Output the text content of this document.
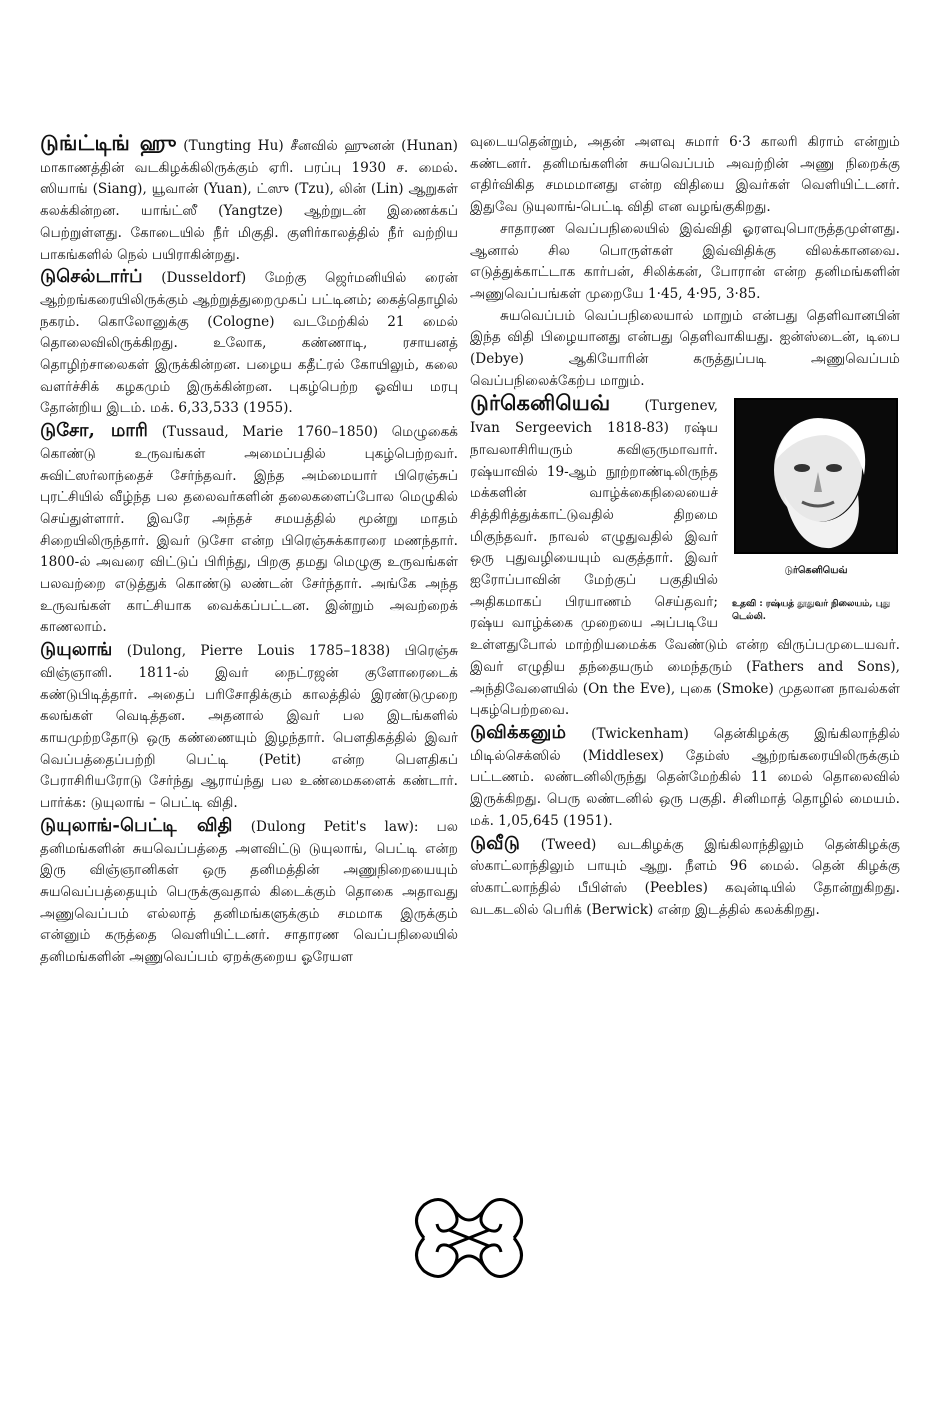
டுங்ட்டிங் ஹு (Tungting Hu) சீனவில் ஹுனன் (Hunan) மாகாணத்தின் வடகிழக்கிலிருக்கும் ஏரி. பரப்பு 1930 ச. மைல். ஸியாங் (Siang), யூவான் (Yuan), ட்ஸு (Tzu), லின் (Lin) ஆறுகள் கலக்கின்றன. யாங்ட்ஸீ (Yangtze) ஆற்றுடன் இணைக்கப் பெற்றுள்ளது. கோடையில் நீர் மிகுதி. குளிர்காலத்தில் நீர் வற்றிய பாகங்களில் நெல் பயிராகின்றது.

டுசெல்டார்ப் (Dusseldorf) மேற்கு ஜெர்மனியில் ரைன் ஆற்றங்கரையிலிருக்கும் ஆற்றுத்துறைமுகப் பட்டினம்; கைத்தொழில் நகரம். கொலோனுக்கு (Cologne) வடமேற்கில் 21 மைல் தொலைவிலிருக்கிறது. உலோக, கண்ணாடி, ரசாயனத் தொழிற்சாலைகள் இருக்கின்றன. பழைய கதீட்ரல் கோயிலும், கலை வளர்ச்சிக் கழகமும் இருக்கின்றன. புகழ்பெற்ற ஓவிய மரபு தோன்றிய இடம். மக். 6,33,533 (1955).

டுசோ, மாரி (Tussaud, Marie 1760–1850) மெழுகைக் கொண்டு உருவங்கள் அமைப்பதில் புகழ்பெற்றவர். சுவிட்ஸர்லாந்தைச் சேர்ந்தவர். இந்த அம்மையார் பிரெஞ்சுப் புரட்சியில் வீழ்ந்த பல தலைவர்களின் தலைகளைப்போல மெழுகில் செய்துள்ளார். இவரே அந்தச் சமயத்தில் மூன்று மாதம் சிறையிலிருந்தார். இவர் டுசோ என்ற பிரெஞ்சுக்காரரை மணந்தார். 1800-ல் அவரை விட்டுப் பிரிந்து, பிறகு தமது மெழுகு உருவங்கள் பலவற்றை எடுத்துக் கொண்டு லண்டன் சேர்ந்தார். அங்கே அந்த உருவங்கள் காட்சியாக வைக்கப்பட்டன. இன்றும் அவற்றைக் காணலாம்.

டுயுலாங் (Dulong, Pierre Louis 1785–1838) பிரெஞ்சு விஞ்ஞானி. 1811-ல் இவர் நைட்ரஜன் குளோரைடைக் கண்டுபிடித்தார். அதைப் பரிசோதிக்கும் காலத்தில் இரண்டுமுறை கலங்கள் வெடித்தன. அதனால் இவர் பல இடங்களில் காயமுற்றதோடு ஒரு கண்ணையும் இழந்தார். பௌதிகத்தில் இவர் வெப்பத்தைப்பற்றி பெட்டி (Petit) என்ற பௌதிகப் பேராசிரியரோடு சேர்ந்து ஆராய்ந்து பல உண்மைகளைக் கண்டார். பார்க்க: டுயுலாங் – பெட்டி விதி.

டுயுலாங்-பெட்டி விதி (Dulong Petit's law): பல தனிமங்களின் சுயவெப்பத்தை அளவிட்டு டுயுலாங், பெட்டி என்ற இரு விஞ்ஞானிகள் ஒரு தனிமத்தின் அணுநிறையையும் சுயவெப்பத்தையும் பெருக்குவதால் கிடைக்கும் தொகை அதாவது அணுவெப்பம் எல்லாத் தனிமங்களுக்கும் சமமாக இருக்கும் என்னும் கருத்தை வெளியிட்டனர். சாதாரண வெப்பநிலையில் தனிமங்களின் அணுவெப்பம் ஏறக்குறைய ஓரேயள

வுடையதென்றும், அதன் அளவு சுமார் 6·3 காலரி கிராம் என்றும் கண்டனர். தனிமங்களின் சுயவெப்பம் அவற்றின் அணு நிறைக்கு எதிர்விகித சமமமானது என்ற விதியை இவர்கள் வெளியிட்டனர். இதுவே டுயுலாங்-பெட்டி விதி என வழங்குகிறது.

சாதாரண வெப்பநிலையில் இவ்விதி ஓரளவுபொருத்தமுள்ளது. ஆனால் சில பொருள்கள் இவ்விதிக்கு விலக்கானவை. எடுத்துக்காட்டாக கார்பன், சிலிக்கன், போரான் என்ற தனிமங்களின் அணுவெப்பங்கள் முறையே 1·45, 4·95, 3·85.

சுயவெப்பம் வெப்பநிலையால் மாறும் என்பது தெளிவானபின் இந்த விதி பிழையானது என்பது தெளிவாகியது. ஐன்ஸ்டைன், டிபை (Debye) ஆகியோரின் கருத்துப்படி அணுவெப்பம் வெப்பநிலைக்கேற்ப மாறும்.

டுர்கெனியெவ்
உதவி : ரஷ்யத் தூதுவர் நிலையம், புது டெல்லி.
டுர்கெனியெவ்	(Turgenev, Ivan Sergeevich 1818-83) ரஷ்ய நாவலாசிரியரும் கவிஞருமாவார். ரஷ்யாவில் 19-ஆம் நூற்றாண்டிலிருந்த மக்களின் வாழ்க்கைநிலையைச் சித்திரித்துக்காட்டுவதில் திறமை மிகுந்தவர். நாவல் எழுதுவதில் இவர் ஒரு புதுவழியையும் வகுத்தார். இவர் ஐரோப்பாவின் மேற்குப் பகுதியில் அதிகமாகப் பிரயாணம் செய்தவர்; ரஷ்ய வாழ்க்கை முறையை அப்படியே உள்ளதுபோல் மாற்றியமைக்க வேண்டும் என்ற விருப்பமுடையவர். இவர் எழுதிய தந்தையரும் மைந்தரும் (Fathers and Sons), அந்திவேளையில் (On the Eve), புகை (Smoke) முதலான நாவல்கள் புகழ்பெற்றவை.

டுவிக்கனும் (Twickenham) தென்கிழக்கு இங்கிலாந்தில் மிடில்செக்ஸில் (Middlesex) தேம்ஸ் ஆற்றங்கரையிலிருக்கும் பட்டணம். லண்டனிலிருந்து தென்மேற்கில் 11 மைல் தொலைவில் இருக்கிறது. பெரு லண்டனில் ஒரு பகுதி. சினிமாத் தொழில் மையம். மக். 1,05,645 (1951).

டுவீடு (Tweed) வடகிழக்கு இங்கிலாந்திலும் தென்கிழக்கு ஸ்காட்லாந்திலும் பாயும் ஆறு. நீளம் 96 மைல். தென் கிழக்கு ஸ்காட்லாந்தில் பீபிள்ஸ் (Peebles) கவுன்டியில் தோன்றுகிறது. வடகடலில் பெரிக் (Berwick) என்ற இடத்தில் கலக்கிறது.
